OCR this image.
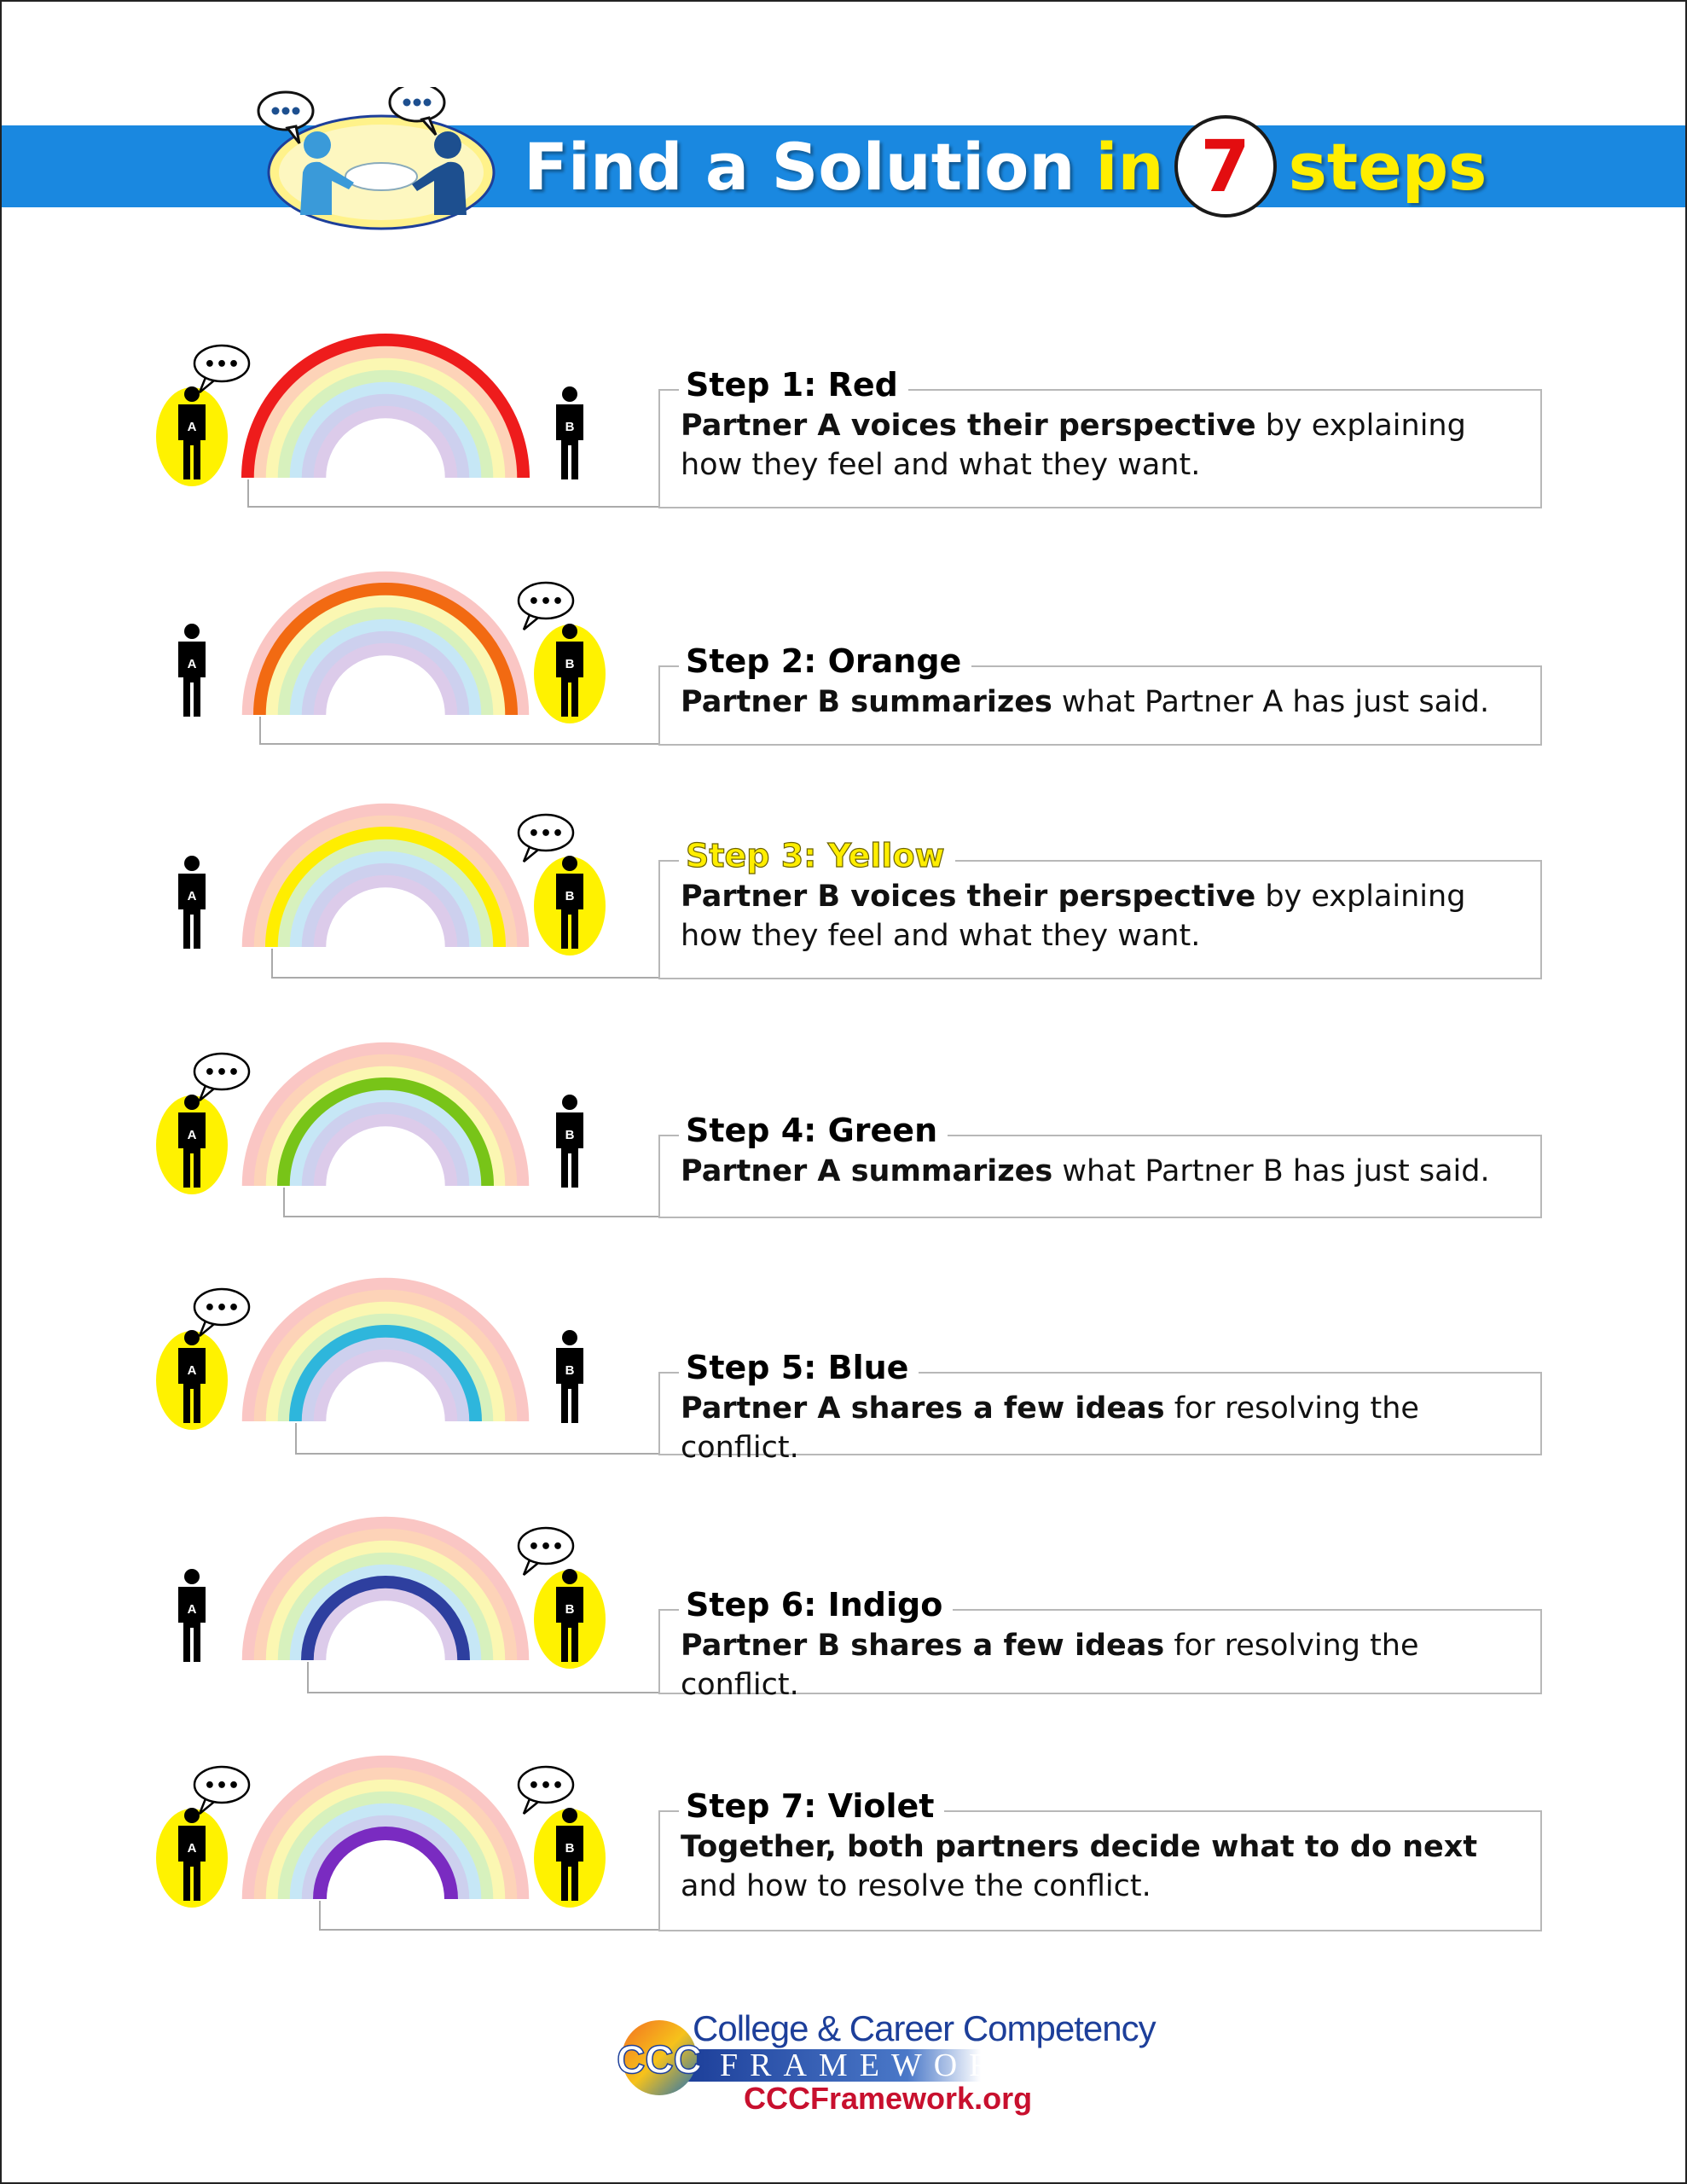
Find a Solution in 7 steps
A	B
•••
Step 1: Red
Partner A voices their perspective by explaining how they feel and what they want.
A	B
•••
Step 2: Orange
Partner B summarizes what Partner A has just said.
A	B
•••
Step 3: Yellow
Partner B voices their perspective by explaining how they feel and what they want.
A	B
•••
Step 4: Green
Partner A summarizes what Partner B has just said.
A	B
•••
Step 5: Blue
Partner A shares a few ideas for resolving the conflict.
A	B
•••
Step 6: Indigo
Partner B shares a few ideas for resolving the conflict.
A	B
•••	•••
Step 7: Violet
Together, both partners decide what to do next and how to resolve the conflict.
CCC
College & Career Competency
FRAMEWORK
CCCFramework.org
